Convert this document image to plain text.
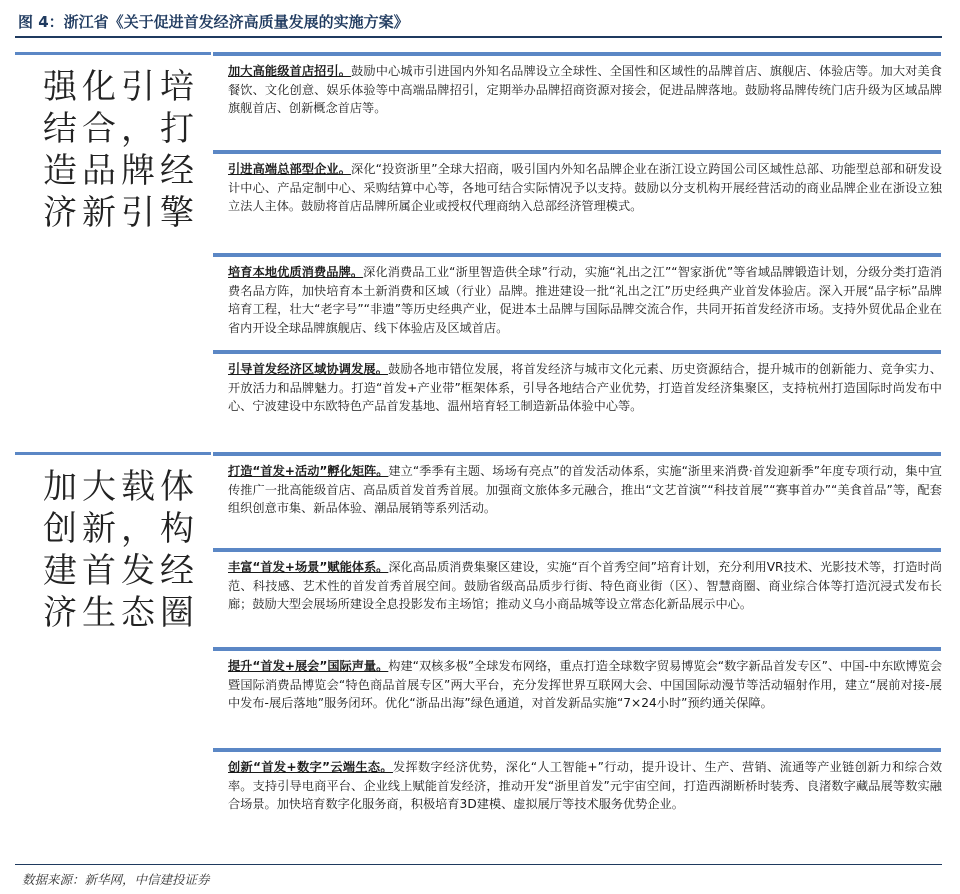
图 4：浙江省《关于促进首发经济高质量发展的实施方案》
强化引培结合，打造品牌经济新引擎
加大高能级首店招引。鼓励中心城市引进国内外知名品牌设立全球性、全国性和区域性的品牌首店、旗舰店、体验店等。加大对美食餐饮、文化创意、娱乐体验等中高端品牌招引，定期举办品牌招商资源对接会，促进品牌落地。鼓励将品牌传统门店升级为区域品牌旗舰首店、创新概念首店等。
引进高端总部型企业。深化“投资浙里”全球大招商，吸引国内外知名品牌企业在浙江设立跨国公司区域性总部、功能型总部和研发设计中心、产品定制中心、采购结算中心等，各地可结合实际情况予以支持。鼓励以分支机构开展经营活动的商业品牌企业在浙设立独立法人主体。鼓励将首店品牌所属企业或授权代理商纳入总部经济管理模式。
培育本地优质消费品牌。深化消费品工业“浙里智造供全球”行动，实施“礼出之江”“智家浙优”等省域品牌锻造计划，分级分类打造消费名品方阵，加快培育本土新消费和区域（行业）品牌。推进建设一批“礼出之江”历史经典产业首发体验店。深入开展“品字标”品牌培育工程，壮大“老字号”“非遗”等历史经典产业，促进本土品牌与国际品牌交流合作，共同开拓首发经济市场。支持外贸优品企业在省内开设全球品牌旗舰店、线下体验店及区域首店。
引导首发经济区域协调发展。鼓励各地市错位发展，将首发经济与城市文化元素、历史资源结合，提升城市的创新能力、竞争实力、开放活力和品牌魅力。打造“首发+产业带”框架体系，引导各地结合产业优势，打造首发经济集聚区，支持杭州打造国际时尚发布中心、宁波建设中东欧特色产品首发基地、温州培育轻工制造新品体验中心等。
加大载体创新，构建首发经济生态圈
打造“首发+活动”孵化矩阵。建立“季季有主题、场场有亮点”的首发活动体系，实施“浙里来消费·首发迎新季”年度专项行动，集中宣传推广一批高能级首店、高品质首发首秀首展。加强商文旅体多元融合，推出“文艺首演”“科技首展”“赛事首办”“美食首品”等，配套组织创意市集、新品体验、潮品展销等系列活动。
丰富“首发+场景”赋能体系。深化高品质消费集聚区建设，实施“百个首秀空间”培育计划，充分利用VR技术、光影技术等，打造时尚范、科技感、艺术性的首发首秀首展空间。鼓励省级高品质步行街、特色商业街（区）、智慧商圈、商业综合体等打造沉浸式发布长廊；鼓励大型会展场所建设全息投影发布主场馆；推动义乌小商品城等设立常态化新品展示中心。
提升“首发+展会”国际声量。构建“双核多极”全球发布网络，重点打造全球数字贸易博览会“数字新品首发专区”、中国-中东欧博览会暨国际消费品博览会“特色商品首展专区”两大平台，充分发挥世界互联网大会、中国国际动漫节等活动辐射作用，建立“展前对接-展中发布-展后落地”服务闭环。优化“浙品出海”绿色通道，对首发新品实施“7×24小时”预约通关保障。
创新“首发+数字”云端生态。发挥数字经济优势，深化“人工智能+”行动，提升设计、生产、营销、流通等产业链创新力和综合效率。支持引导电商平台、企业线上赋能首发经济，推动开发“浙里首发”元宇宙空间，打造西湖断桥时装秀、良渚数字藏品展等数实融合场景。加快培育数字化服务商，积极培育3D建模、虚拟展厅等技术服务优势企业。
数据来源：新华网，中信建投证券
